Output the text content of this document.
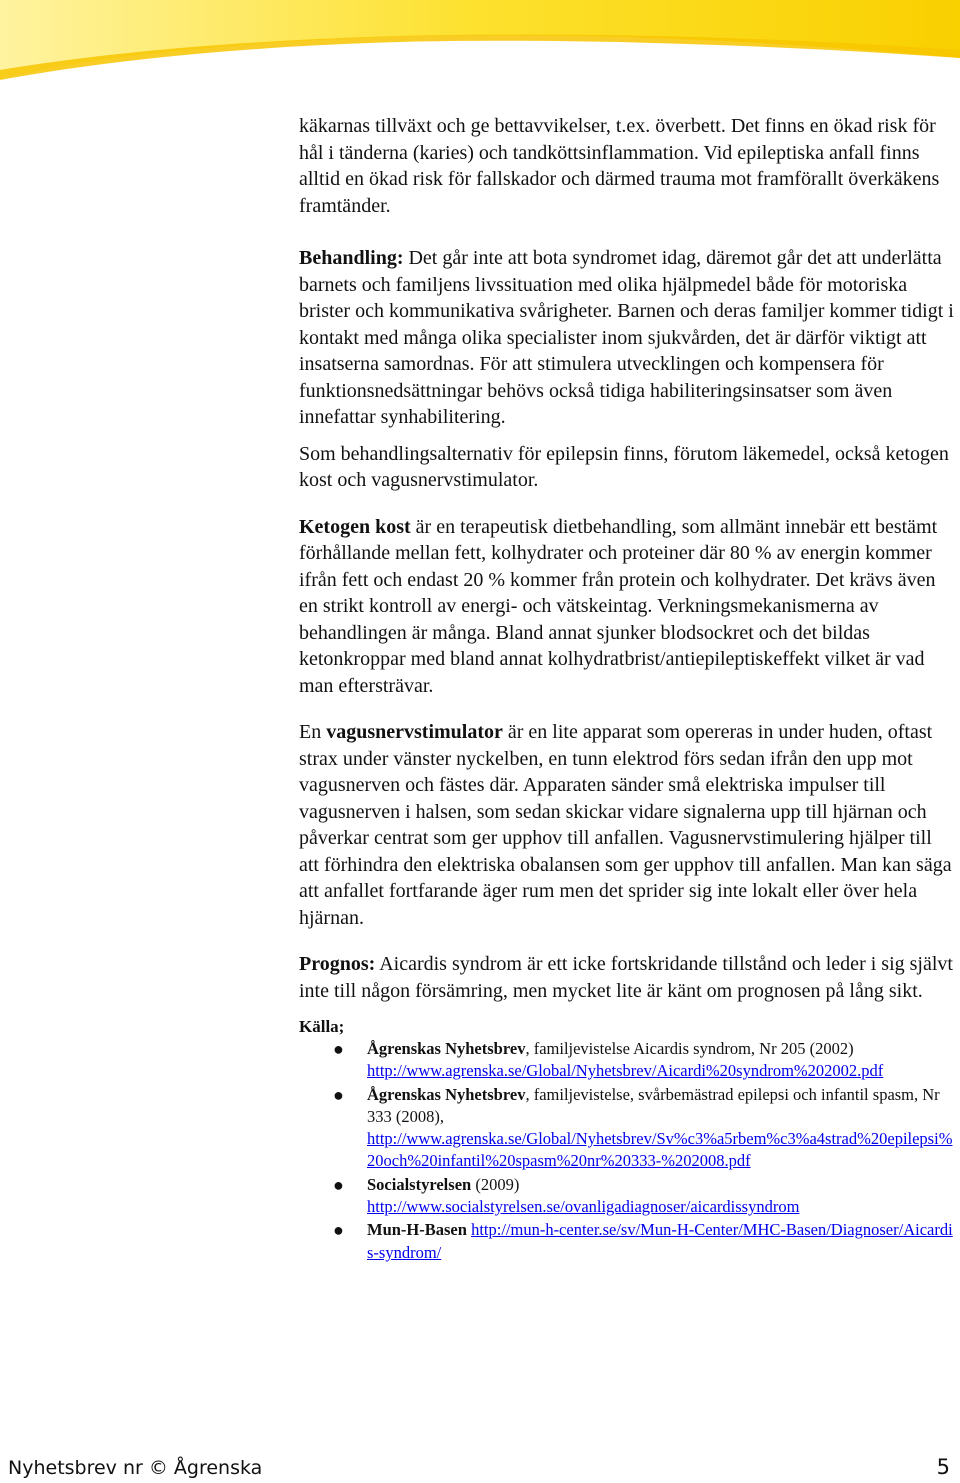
käkarnas tillväxt och ge bettavvikelser, t.ex. överbett. Det finns en ökad risk för hål i tänderna (karies) och tandköttsinflammation. Vid epileptiska anfall finns alltid en ökad risk för fallskador och därmed trauma mot framförallt överkäkens framtänder.

Behandling: Det går inte att bota syndromet idag, däremot går det att underlätta barnets och familjens livssituation med olika hjälpmedel både för motoriska brister och kommunikativa svårigheter. Barnen och deras familjer kommer tidigt i kontakt med många olika specialister inom sjukvården, det är därför viktigt att insatserna samordnas. För att stimulera utvecklingen och kompensera för funktionsnedsättningar behövs också tidiga habiliteringsinsatser som även innefattar synhabilitering.

Som behandlingsalternativ för epilepsin finns, förutom läkemedel, också ketogen kost och vagusnervstimulator.

Ketogen kost är en terapeutisk dietbehandling, som allmänt innebär ett bestämt förhållande mellan fett, kolhydrater och proteiner där 80 % av energin kommer ifrån fett och endast 20 % kommer från protein och kolhydrater. Det krävs även en strikt kontroll av energi- och vätskeintag. Verkningsmekanismerna av behandlingen är många. Bland annat sjunker blodsockret och det bildas ketonkroppar med bland annat kolhydratbrist/antiepileptiskeffekt vilket är vad man eftersträvar.

En vagusnervstimulator är en lite apparat som opereras in under huden, oftast strax under vänster nyckelben, en tunn elektrod förs sedan ifrån den upp mot vagusnerven och fästes där. Apparaten sänder små elektriska impulser till vagusnerven i halsen, som sedan skickar vidare signalerna upp till hjärnan och påverkar centrat som ger upphov till anfallen. Vagusnervstimulering hjälper till att förhindra den elektriska obalansen som ger upphov till anfallen. Man kan säga att anfallet fortfarande äger rum men det sprider sig inte lokalt eller över hela hjärnan.

Prognos: Aicardis syndrom är ett icke fortskridande tillstånd och leder i sig självt inte till någon försämring, men mycket lite är känt om prognosen på lång sikt.

Källa;

● Ågrenskas Nyhetsbrev, familjevistelse Aicardis syndrom, Nr 205 (2002)
http://www.agrenska.se/Global/Nyhetsbrev/Aicardi%20syndrom%202002.pdf
● Ågrenskas Nyhetsbrev, familjevistelse, svårbemästrad epilepsi och infantil spasm, Nr 333 (2008),
http://www.agrenska.se/Global/Nyhetsbrev/Sv%c3%a5rbem%c3%a4strad%20epilepsi%20och%20infantil%20spasm%20nr%20333-%202008.pdf
● Socialstyrelsen (2009)
http://www.socialstyrelsen.se/ovanligadiagnoser/aicardissyndrom
● Mun-H-Basen http://mun-h-center.se/sv/Mun-H-Center/MHC-Basen/Diagnoser/Aicardis-syndrom/
Nyhetsbrev nr © Ågrenska	5
